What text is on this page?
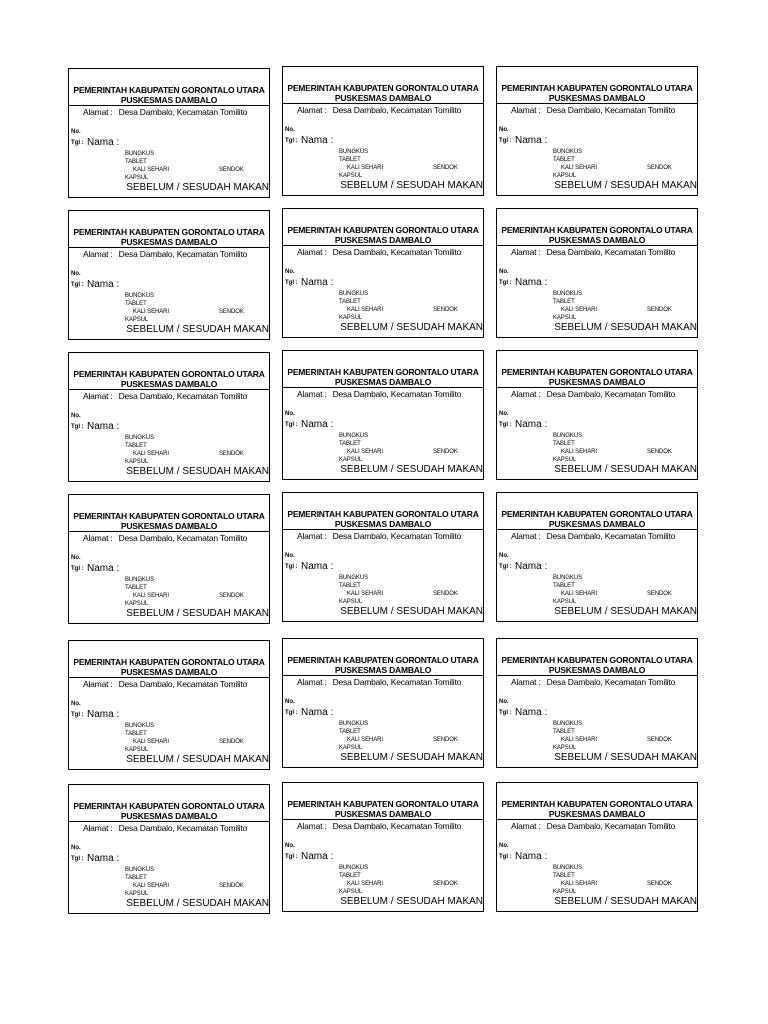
PEMERINTAH KABUPATEN GORONTALO UTARA
PUSKESMAS DAMBALO
Alamat : Desa Dambalo, Kecamatan Tomilito
No.
Tgl : Nama :
BUNGKUS
TABLET
KALI SEHARI	SENDOK
KAPSUL
SEBELUM / SESUDAH MAKAN
PEMERINTAH KABUPATEN GORONTALO UTARA
PUSKESMAS DAMBALO
Alamat : Desa Dambalo, Kecamatan Tomilito
No.
Tgl : Nama :
BUNGKUS
TABLET
KALI SEHARI	SENDOK
KAPSUL
SEBELUM / SESUDAH MAKAN
PEMERINTAH KABUPATEN GORONTALO UTARA
PUSKESMAS DAMBALO
Alamat : Desa Dambalo, Kecamatan Tomilito
No.
Tgl : Nama :
BUNGKUS
TABLET
KALI SEHARI	SENDOK
KAPSUL
SEBELUM / SESUDAH MAKAN
PEMERINTAH KABUPATEN GORONTALO UTARA
PUSKESMAS DAMBALO
Alamat : Desa Dambalo, Kecamatan Tomilito
No.
Tgl : Nama :
BUNGKUS
TABLET
KALI SEHARI	SENDOK
KAPSUL
SEBELUM / SESUDAH MAKAN
PEMERINTAH KABUPATEN GORONTALO UTARA
PUSKESMAS DAMBALO
Alamat : Desa Dambalo, Kecamatan Tomilito
No.
Tgl : Nama :
BUNGKUS
TABLET
KALI SEHARI	SENDOK
KAPSUL
SEBELUM / SESUDAH MAKAN
PEMERINTAH KABUPATEN GORONTALO UTARA
PUSKESMAS DAMBALO
Alamat : Desa Dambalo, Kecamatan Tomilito
No.
Tgl : Nama :
BUNGKUS
TABLET
KALI SEHARI	SENDOK
KAPSUL
SEBELUM / SESUDAH MAKAN
PEMERINTAH KABUPATEN GORONTALO UTARA
PUSKESMAS DAMBALO
Alamat : Desa Dambalo, Kecamatan Tomilito
No.
Tgl : Nama :
BUNGKUS
TABLET
KALI SEHARI	SENDOK
KAPSUL
SEBELUM / SESUDAH MAKAN
PEMERINTAH KABUPATEN GORONTALO UTARA
PUSKESMAS DAMBALO
Alamat : Desa Dambalo, Kecamatan Tomilito
No.
Tgl : Nama :
BUNGKUS
TABLET
KALI SEHARI	SENDOK
KAPSUL
SEBELUM / SESUDAH MAKAN
PEMERINTAH KABUPATEN GORONTALO UTARA
PUSKESMAS DAMBALO
Alamat : Desa Dambalo, Kecamatan Tomilito
No.
Tgl : Nama :
BUNGKUS
TABLET
KALI SEHARI	SENDOK
KAPSUL
SEBELUM / SESUDAH MAKAN
PEMERINTAH KABUPATEN GORONTALO UTARA
PUSKESMAS DAMBALO
Alamat : Desa Dambalo, Kecamatan Tomilito
No.
Tgl : Nama :
BUNGKUS
TABLET
KALI SEHARI	SENDOK
KAPSUL
SEBELUM / SESUDAH MAKAN
PEMERINTAH KABUPATEN GORONTALO UTARA
PUSKESMAS DAMBALO
Alamat : Desa Dambalo, Kecamatan Tomilito
No.
Tgl : Nama :
BUNGKUS
TABLET
KALI SEHARI	SENDOK
KAPSUL
SEBELUM / SESUDAH MAKAN
PEMERINTAH KABUPATEN GORONTALO UTARA
PUSKESMAS DAMBALO
Alamat : Desa Dambalo, Kecamatan Tomilito
No.
Tgl : Nama :
BUNGKUS
TABLET
KALI SEHARI	SENDOK
KAPSUL
SEBELUM / SESUDAH MAKAN
PEMERINTAH KABUPATEN GORONTALO UTARA
PUSKESMAS DAMBALO
Alamat : Desa Dambalo, Kecamatan Tomilito
No.
Tgl : Nama :
BUNGKUS
TABLET
KALI SEHARI	SENDOK
KAPSUL
SEBELUM / SESUDAH MAKAN
PEMERINTAH KABUPATEN GORONTALO UTARA
PUSKESMAS DAMBALO
Alamat : Desa Dambalo, Kecamatan Tomilito
No.
Tgl : Nama :
BUNGKUS
TABLET
KALI SEHARI	SENDOK
KAPSUL
SEBELUM / SESUDAH MAKAN
PEMERINTAH KABUPATEN GORONTALO UTARA
PUSKESMAS DAMBALO
Alamat : Desa Dambalo, Kecamatan Tomilito
No.
Tgl : Nama :
BUNGKUS
TABLET
KALI SEHARI	SENDOK
KAPSUL
SEBELUM / SESUDAH MAKAN
PEMERINTAH KABUPATEN GORONTALO UTARA
PUSKESMAS DAMBALO
Alamat : Desa Dambalo, Kecamatan Tomilito
No.
Tgl : Nama :
BUNGKUS
TABLET
KALI SEHARI	SENDOK
KAPSUL
SEBELUM / SESUDAH MAKAN
PEMERINTAH KABUPATEN GORONTALO UTARA
PUSKESMAS DAMBALO
Alamat : Desa Dambalo, Kecamatan Tomilito
No.
Tgl : Nama :
BUNGKUS
TABLET
KALI SEHARI	SENDOK
KAPSUL
SEBELUM / SESUDAH MAKAN
PEMERINTAH KABUPATEN GORONTALO UTARA
PUSKESMAS DAMBALO
Alamat : Desa Dambalo, Kecamatan Tomilito
No.
Tgl : Nama :
BUNGKUS
TABLET
KALI SEHARI	SENDOK
KAPSUL
SEBELUM / SESUDAH MAKAN
